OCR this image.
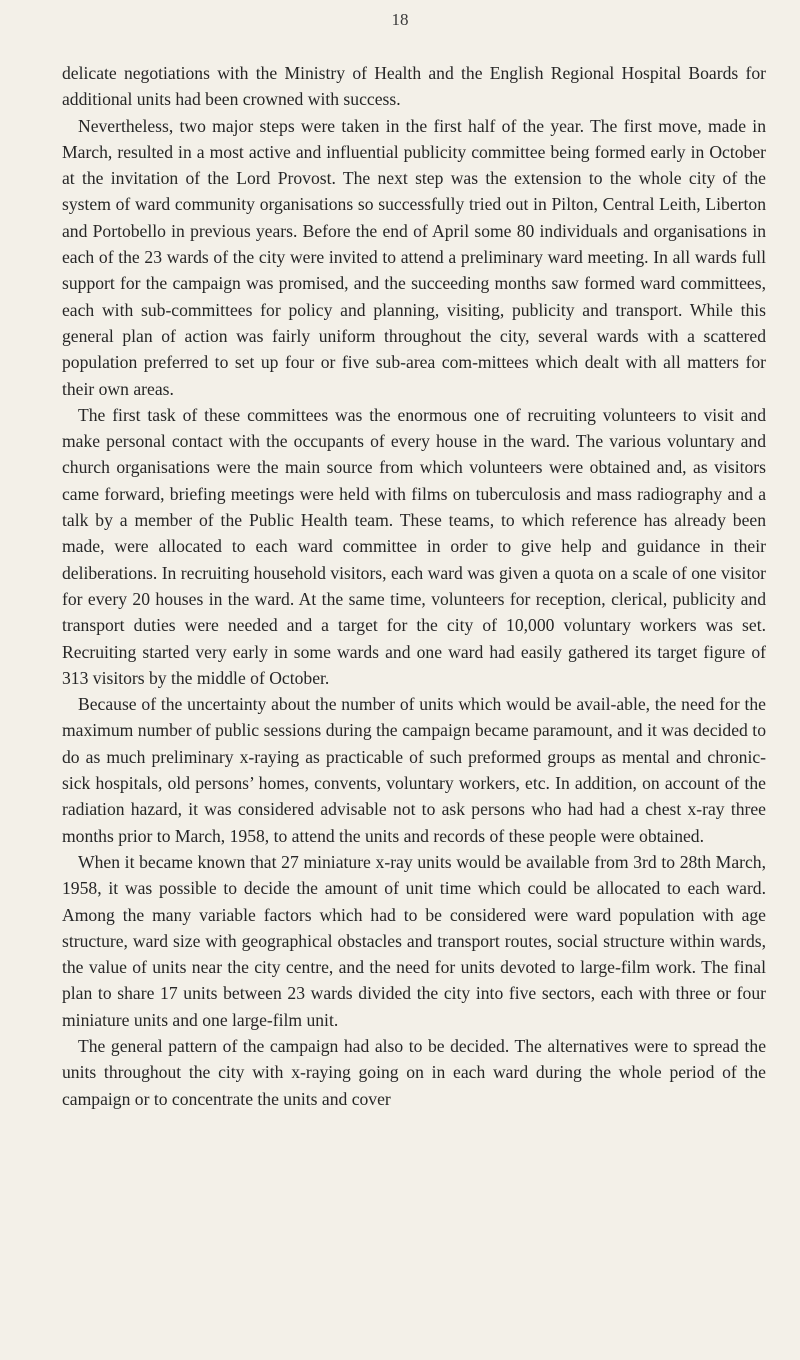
18

delicate negotiations with the Ministry of Health and the English Regional Hospital Boards for additional units had been crowned with success.

Nevertheless, two major steps were taken in the first half of the year. The first move, made in March, resulted in a most active and influential publicity committee being formed early in October at the invitation of the Lord Provost. The next step was the extension to the whole city of the system of ward community organisations so successfully tried out in Pilton, Central Leith, Liberton and Portobello in previous years. Before the end of April some 80 individuals and organisations in each of the 23 wards of the city were invited to attend a preliminary ward meeting. In all wards full support for the campaign was promised, and the succeeding months saw formed ward committees, each with sub-committees for policy and planning, visiting, publicity and transport. While this general plan of action was fairly uniform throughout the city, several wards with a scattered population preferred to set up four or five sub-area com-mittees which dealt with all matters for their own areas.

The first task of these committees was the enormous one of recruiting volunteers to visit and make personal contact with the occupants of every house in the ward. The various voluntary and church organisations were the main source from which volunteers were obtained and, as visitors came forward, briefing meetings were held with films on tuberculosis and mass radiography and a talk by a member of the Public Health team. These teams, to which reference has already been made, were allocated to each ward committee in order to give help and guidance in their deliberations. In recruiting household visitors, each ward was given a quota on a scale of one visitor for every 20 houses in the ward. At the same time, volunteers for reception, clerical, publicity and transport duties were needed and a target for the city of 10,000 voluntary workers was set. Recruiting started very early in some wards and one ward had easily gathered its target figure of 313 visitors by the middle of October.

Because of the uncertainty about the number of units which would be avail-able, the need for the maximum number of public sessions during the campaign became paramount, and it was decided to do as much preliminary x-raying as practicable of such preformed groups as mental and chronic-sick hospitals, old persons’ homes, convents, voluntary workers, etc. In addition, on account of the radiation hazard, it was considered advisable not to ask persons who had had a chest x-ray three months prior to March, 1958, to attend the units and records of these people were obtained.

When it became known that 27 miniature x-ray units would be available from 3rd to 28th March, 1958, it was possible to decide the amount of unit time which could be allocated to each ward. Among the many variable factors which had to be considered were ward population with age structure, ward size with geographical obstacles and transport routes, social structure within wards, the value of units near the city centre, and the need for units devoted to large-film work. The final plan to share 17 units between 23 wards divided the city into five sectors, each with three or four miniature units and one large-film unit.

The general pattern of the campaign had also to be decided. The alternatives were to spread the units throughout the city with x-raying going on in each ward during the whole period of the campaign or to concentrate the units and cover
